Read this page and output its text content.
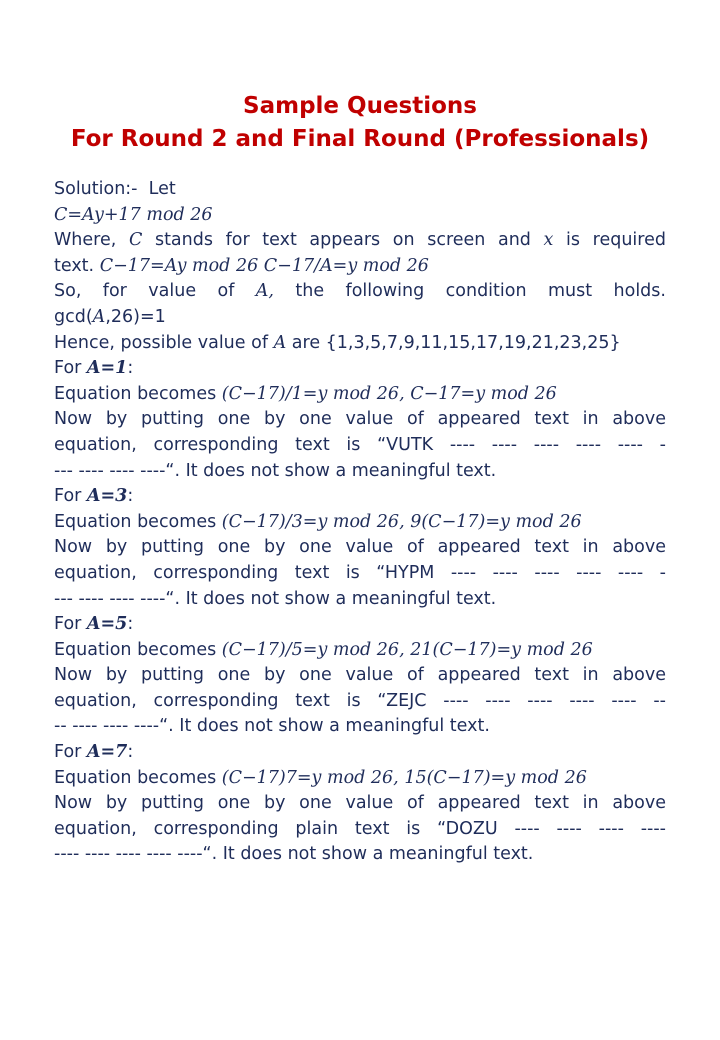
Sample Questions
For Round 2 and Final Round (Professionals)
Solution:- Let
C=Ay+17 mod 26
Where, C stands for text appears on screen and x is required
text. C−17=Ay mod 26 C−17/A=y mod 26
So, for value of A, the following condition must holds.
gcd(A,26)=1
Hence, possible value of A are {1,3,5,7,9,11,15,17,19,21,23,25}
For A=1:
Equation becomes (C−17)/1=y mod 26, C−17=y mod 26
Now by putting one by one value of appeared text in above
equation, corresponding text is “VUTK ---- ---- ---- ---- ---- -
--- ---- ---- ----“. It does not show a meaningful text.
For A=3:
Equation becomes (C−17)/3=y mod 26, 9(C−17)=y mod 26
Now by putting one by one value of appeared text in above
equation, corresponding text is “HYPM ---- ---- ---- ---- ---- -
--- ---- ---- ----“. It does not show a meaningful text.
For A=5:
Equation becomes (C−17)/5=y mod 26, 21(C−17)=y mod 26
Now by putting one by one value of appeared text in above
equation, corresponding text is “ZEJC ---- ---- ---- ---- ---- --
-- ---- ---- ----“. It does not show a meaningful text.
For A=7:
Equation becomes (C−17)7=y mod 26, 15(C−17)=y mod 26
Now by putting one by one value of appeared text in above
equation, corresponding plain text is “DOZU ---- ---- ---- ----
---- ---- ---- ---- ----“. It does not show a meaningful text.
